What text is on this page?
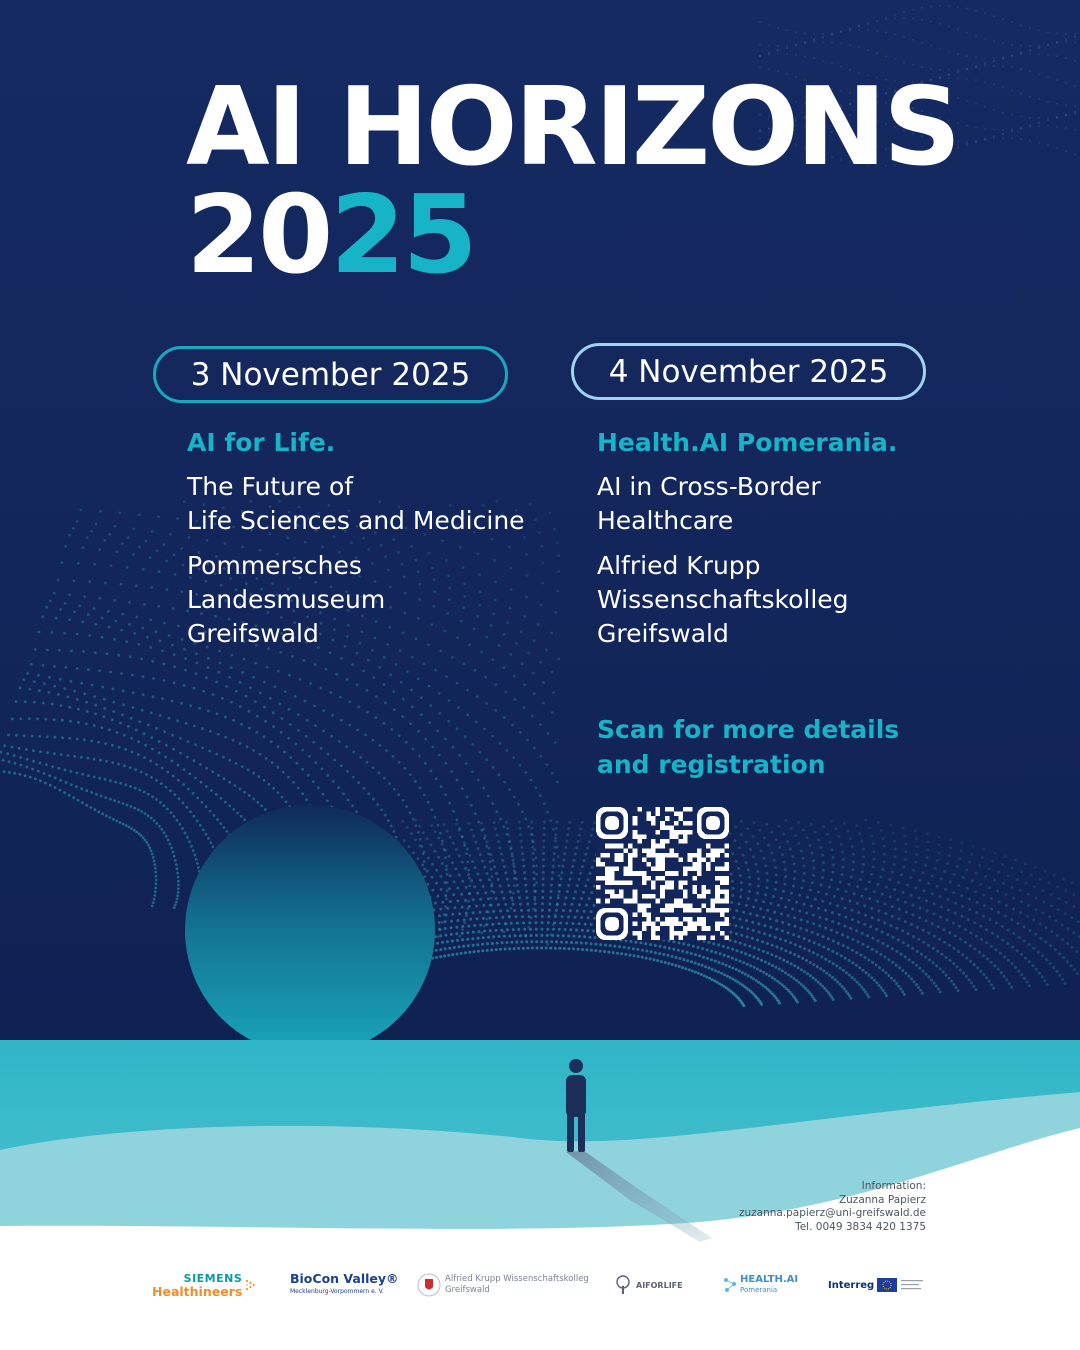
AI HORIZONS
2025
3 November 2025	4 November 2025

AI for Life.

The Future of
Life Sciences and Medicine
Pommersches
Landesmuseum
Greifswald

Health.AI Pomerania.

AI in Cross-Border
Healthcare
Alfried Krupp
Wissenschaftskolleg
Greifswald
Scan for more details
and registration
Information:
Zuzanna Papierz
zuzanna.papierz@uni-greifswald.de
Tel. 0049 3834 420 1375
SIEMENS
Healthineers
BioCon Valley®
Mecklenburg-Vorpommern e. V.
Alfried Krupp Wissenschaftskolleg
Greifswald	AIFORLIFE	HEALTH.AI
Pomerania	Interreg
